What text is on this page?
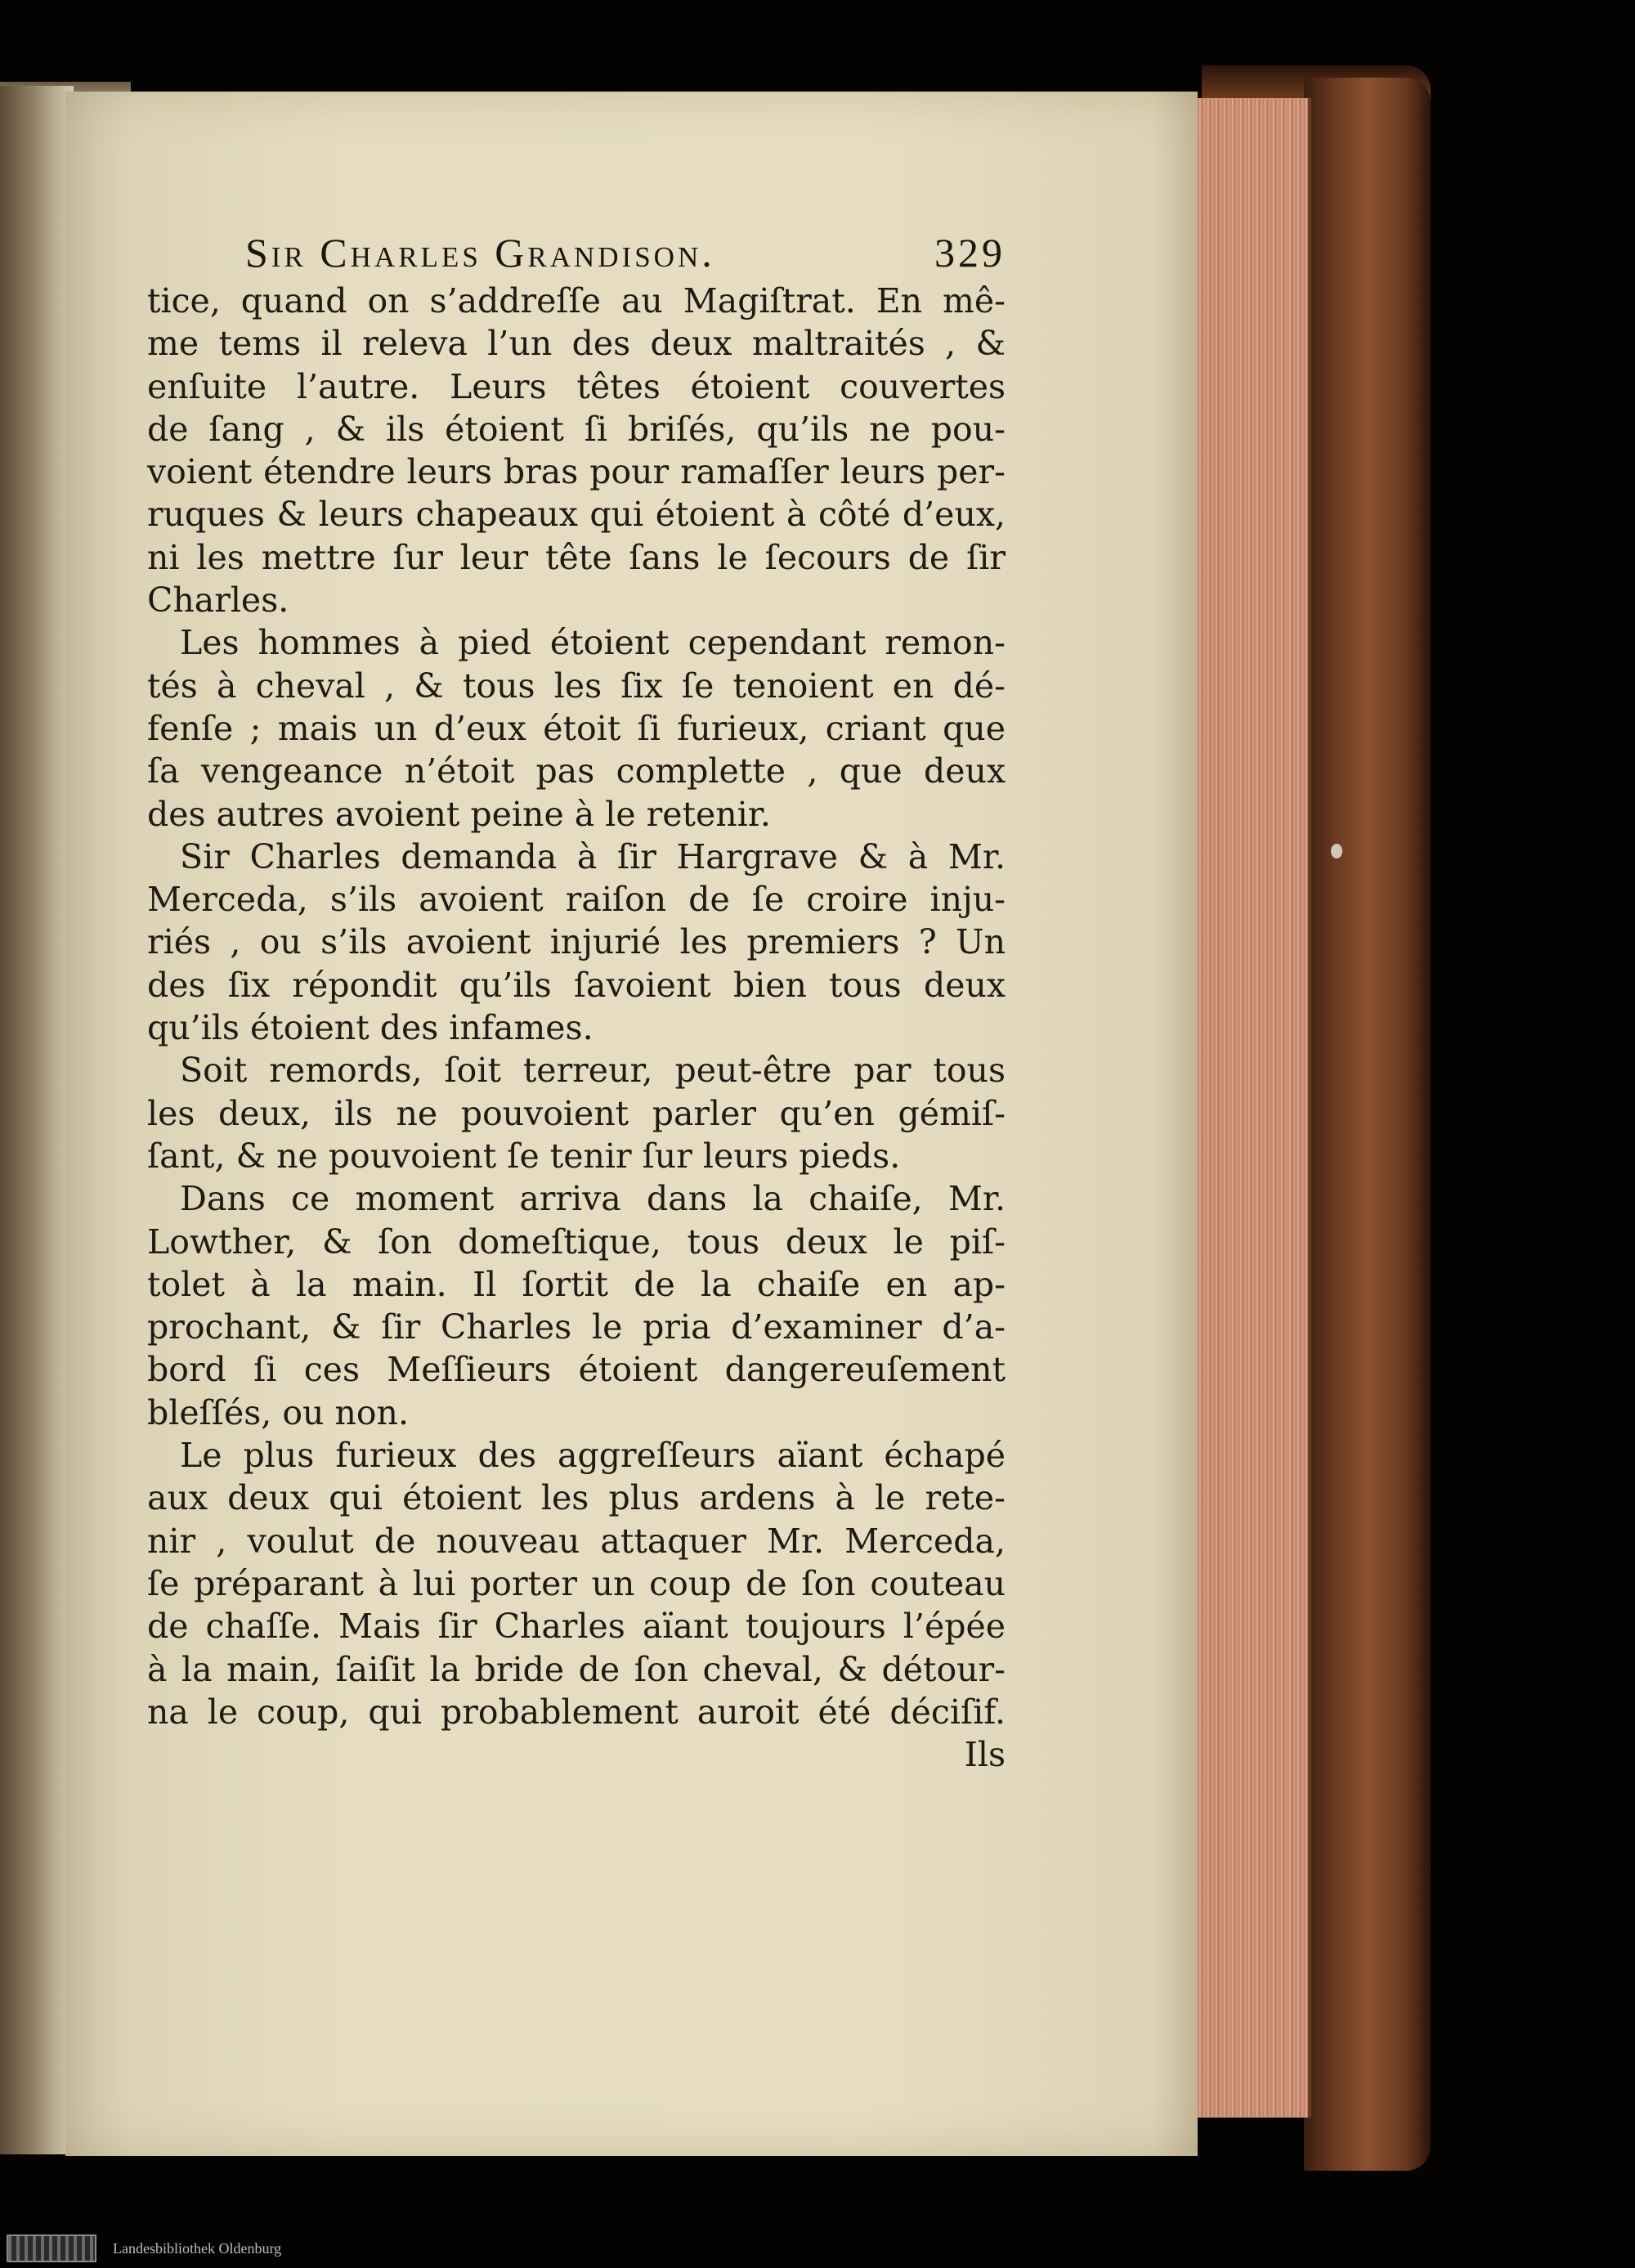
Sir Charles Grandison.	329
tice, quand on s’addreſſe au Magiſtrat. En mê-
me tems il releva l’un des deux maltraités , &
enſuite l’autre. Leurs têtes étoient couvertes
de ſang , & ils étoient ſi briſés, qu’ils ne pou-
voient étendre leurs bras pour ramaſſer leurs per-
ruques & leurs chapeaux qui étoient à côté d’eux,
ni les mettre ſur leur tête ſans le ſecours de ſir
Charles.
Les hommes à pied étoient cependant remon-
tés à cheval , & tous les ſix ſe tenoient en dé-
fenſe ; mais un d’eux étoit ſi furieux, criant que
ſa vengeance n’étoit pas complette , que deux
des autres avoient peine à le retenir.
Sir Charles demanda à ſir Hargrave & à Mr.
Merceda, s’ils avoient raiſon de ſe croire inju-
riés , ou s’ils avoient injurié les premiers ? Un
des ſix répondit qu’ils ſavoient bien tous deux
qu’ils étoient des infames.
Soit remords, ſoit terreur, peut-être par tous
les deux, ils ne pouvoient parler qu’en gémiſ-
ſant, & ne pouvoient ſe tenir ſur leurs pieds.
Dans ce moment arriva dans la chaiſe, Mr.
Lowther, & ſon domeſtique, tous deux le piſ-
tolet à la main. Il ſortit de la chaiſe en ap-
prochant, & ſir Charles le pria d’examiner d’a-
bord ſi ces Meſſieurs étoient dangereuſement
bleſſés, ou non.
Le plus furieux des aggreſſeurs aïant échapé
aux deux qui étoient les plus ardens à le rete-
nir , voulut de nouveau attaquer Mr. Merceda,
ſe préparant à lui porter un coup de ſon couteau
de chaſſe. Mais ſir Charles aïant toujours l’épée
à la main, ſaiſit la bride de ſon cheval, & détour-
na le coup, qui probablement auroit été déciſif.
Ils
Landesbibliothek Oldenburg
